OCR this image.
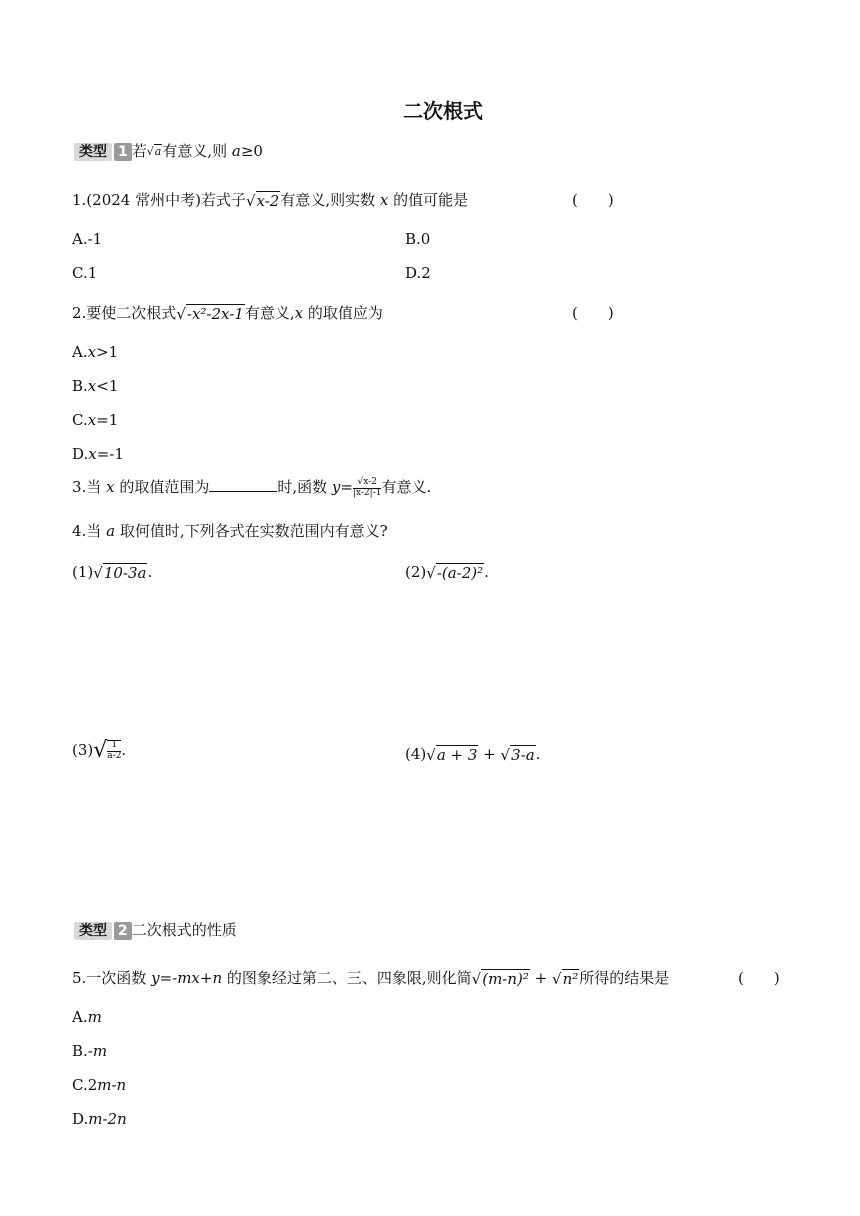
二次根式
类型 1 若√a有意义,则 a≥0
1.(2024 常州中考)若式子√x-2有意义,则实数 x 的值可能是	(　　)
A.-1	B.0
C.1	D.2
2.要使二次根式√-x²-2x-1有意义,x 的取值应为	(　　)
A.x>1
B.x<1
C.x=1
D.x=-1
3.当 x 的取值范围为	时,函数 $y= \frac{√x-2}{|x-2|-1}$ 有意义.
4.当 a 取何值时,下列各式在实数范围内有意义?
(1)√10-3a.	(2)√-(a-2)².
$(3)√ \frac{1}{a-2}$ .	(4)√a + 3 + √3-a.
类型 2 二次根式的性质
5.一次函数 y=-mx+n 的图象经过第二、三、四象限,则化简√(m-n)² + √n²所得的结果是	(　　)
A.m
B.-m
C.2m-n
D.m-2n
